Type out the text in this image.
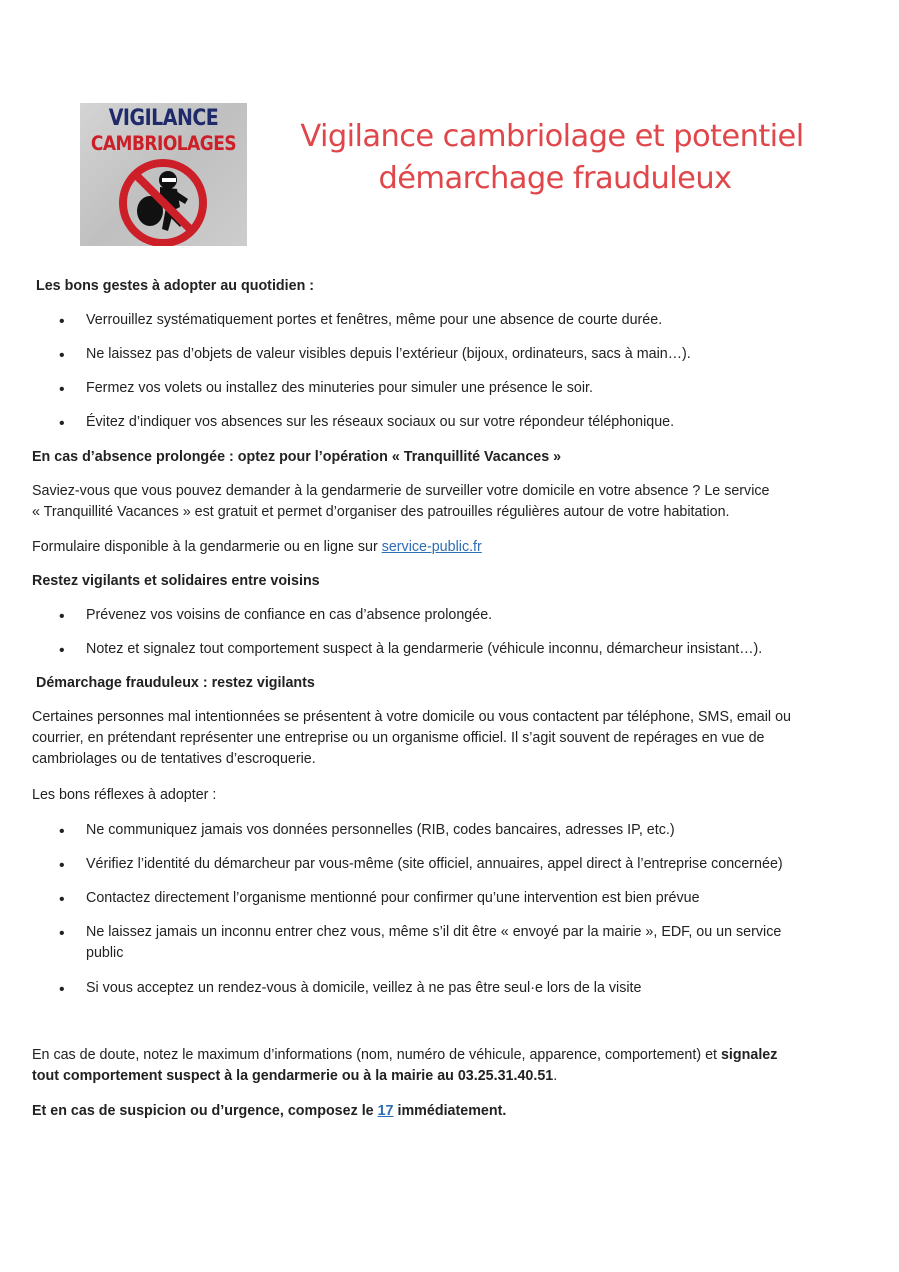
VIGILANCE
CAMBRIOLAGES	Vigilance cambriolage et potentiel
démarchage frauduleux
Les bons gestes à adopter au quotidien :
•
Verrouillez systématiquement portes et fenêtres, même pour une absence de courte durée.
•
Ne laissez pas d’objets de valeur visibles depuis l’extérieur (bijoux, ordinateurs, sacs à main…).
•
Fermez vos volets ou installez des minuteries pour simuler une présence le soir.
•
Évitez d’indiquer vos absences sur les réseaux sociaux ou sur votre répondeur téléphonique.
En cas d’absence prolongée : optez pour l’opération « Tranquillité Vacances »
Saviez-vous que vous pouvez demander à la gendarmerie de surveiller votre domicile en votre absence ? Le service
« Tranquillité Vacances » est gratuit et permet d’organiser des patrouilles régulières autour de votre habitation.
Formulaire disponible à la gendarmerie ou en ligne sur service-public.fr
Restez vigilants et solidaires entre voisins
•
Prévenez vos voisins de confiance en cas d’absence prolongée.
•
Notez et signalez tout comportement suspect à la gendarmerie (véhicule inconnu, démarcheur insistant…).
Démarchage frauduleux : restez vigilants
Certaines personnes mal intentionnées se présentent à votre domicile ou vous contactent par téléphone, SMS, email ou
courrier, en prétendant représenter une entreprise ou un organisme officiel. Il s’agit souvent de repérages en vue de
cambriolages ou de tentatives d’escroquerie.
Les bons réflexes à adopter :
•
Ne communiquez jamais vos données personnelles (RIB, codes bancaires, adresses IP, etc.)
•
Vérifiez l’identité du démarcheur par vous-même (site officiel, annuaires, appel direct à l’entreprise concernée)
•
Contactez directement l’organisme mentionné pour confirmer qu’une intervention est bien prévue
•
Ne laissez jamais un inconnu entrer chez vous, même s’il dit être « envoyé par la mairie », EDF, ou un service
public
•
Si vous acceptez un rendez-vous à domicile, veillez à ne pas être seul·e lors de la visite
En cas de doute, notez le maximum d’informations (nom, numéro de véhicule, apparence, comportement) et signalez
tout comportement suspect à la gendarmerie ou à la mairie au 03.25.31.40.51.
Et en cas de suspicion ou d’urgence, composez le 17 immédiatement.
